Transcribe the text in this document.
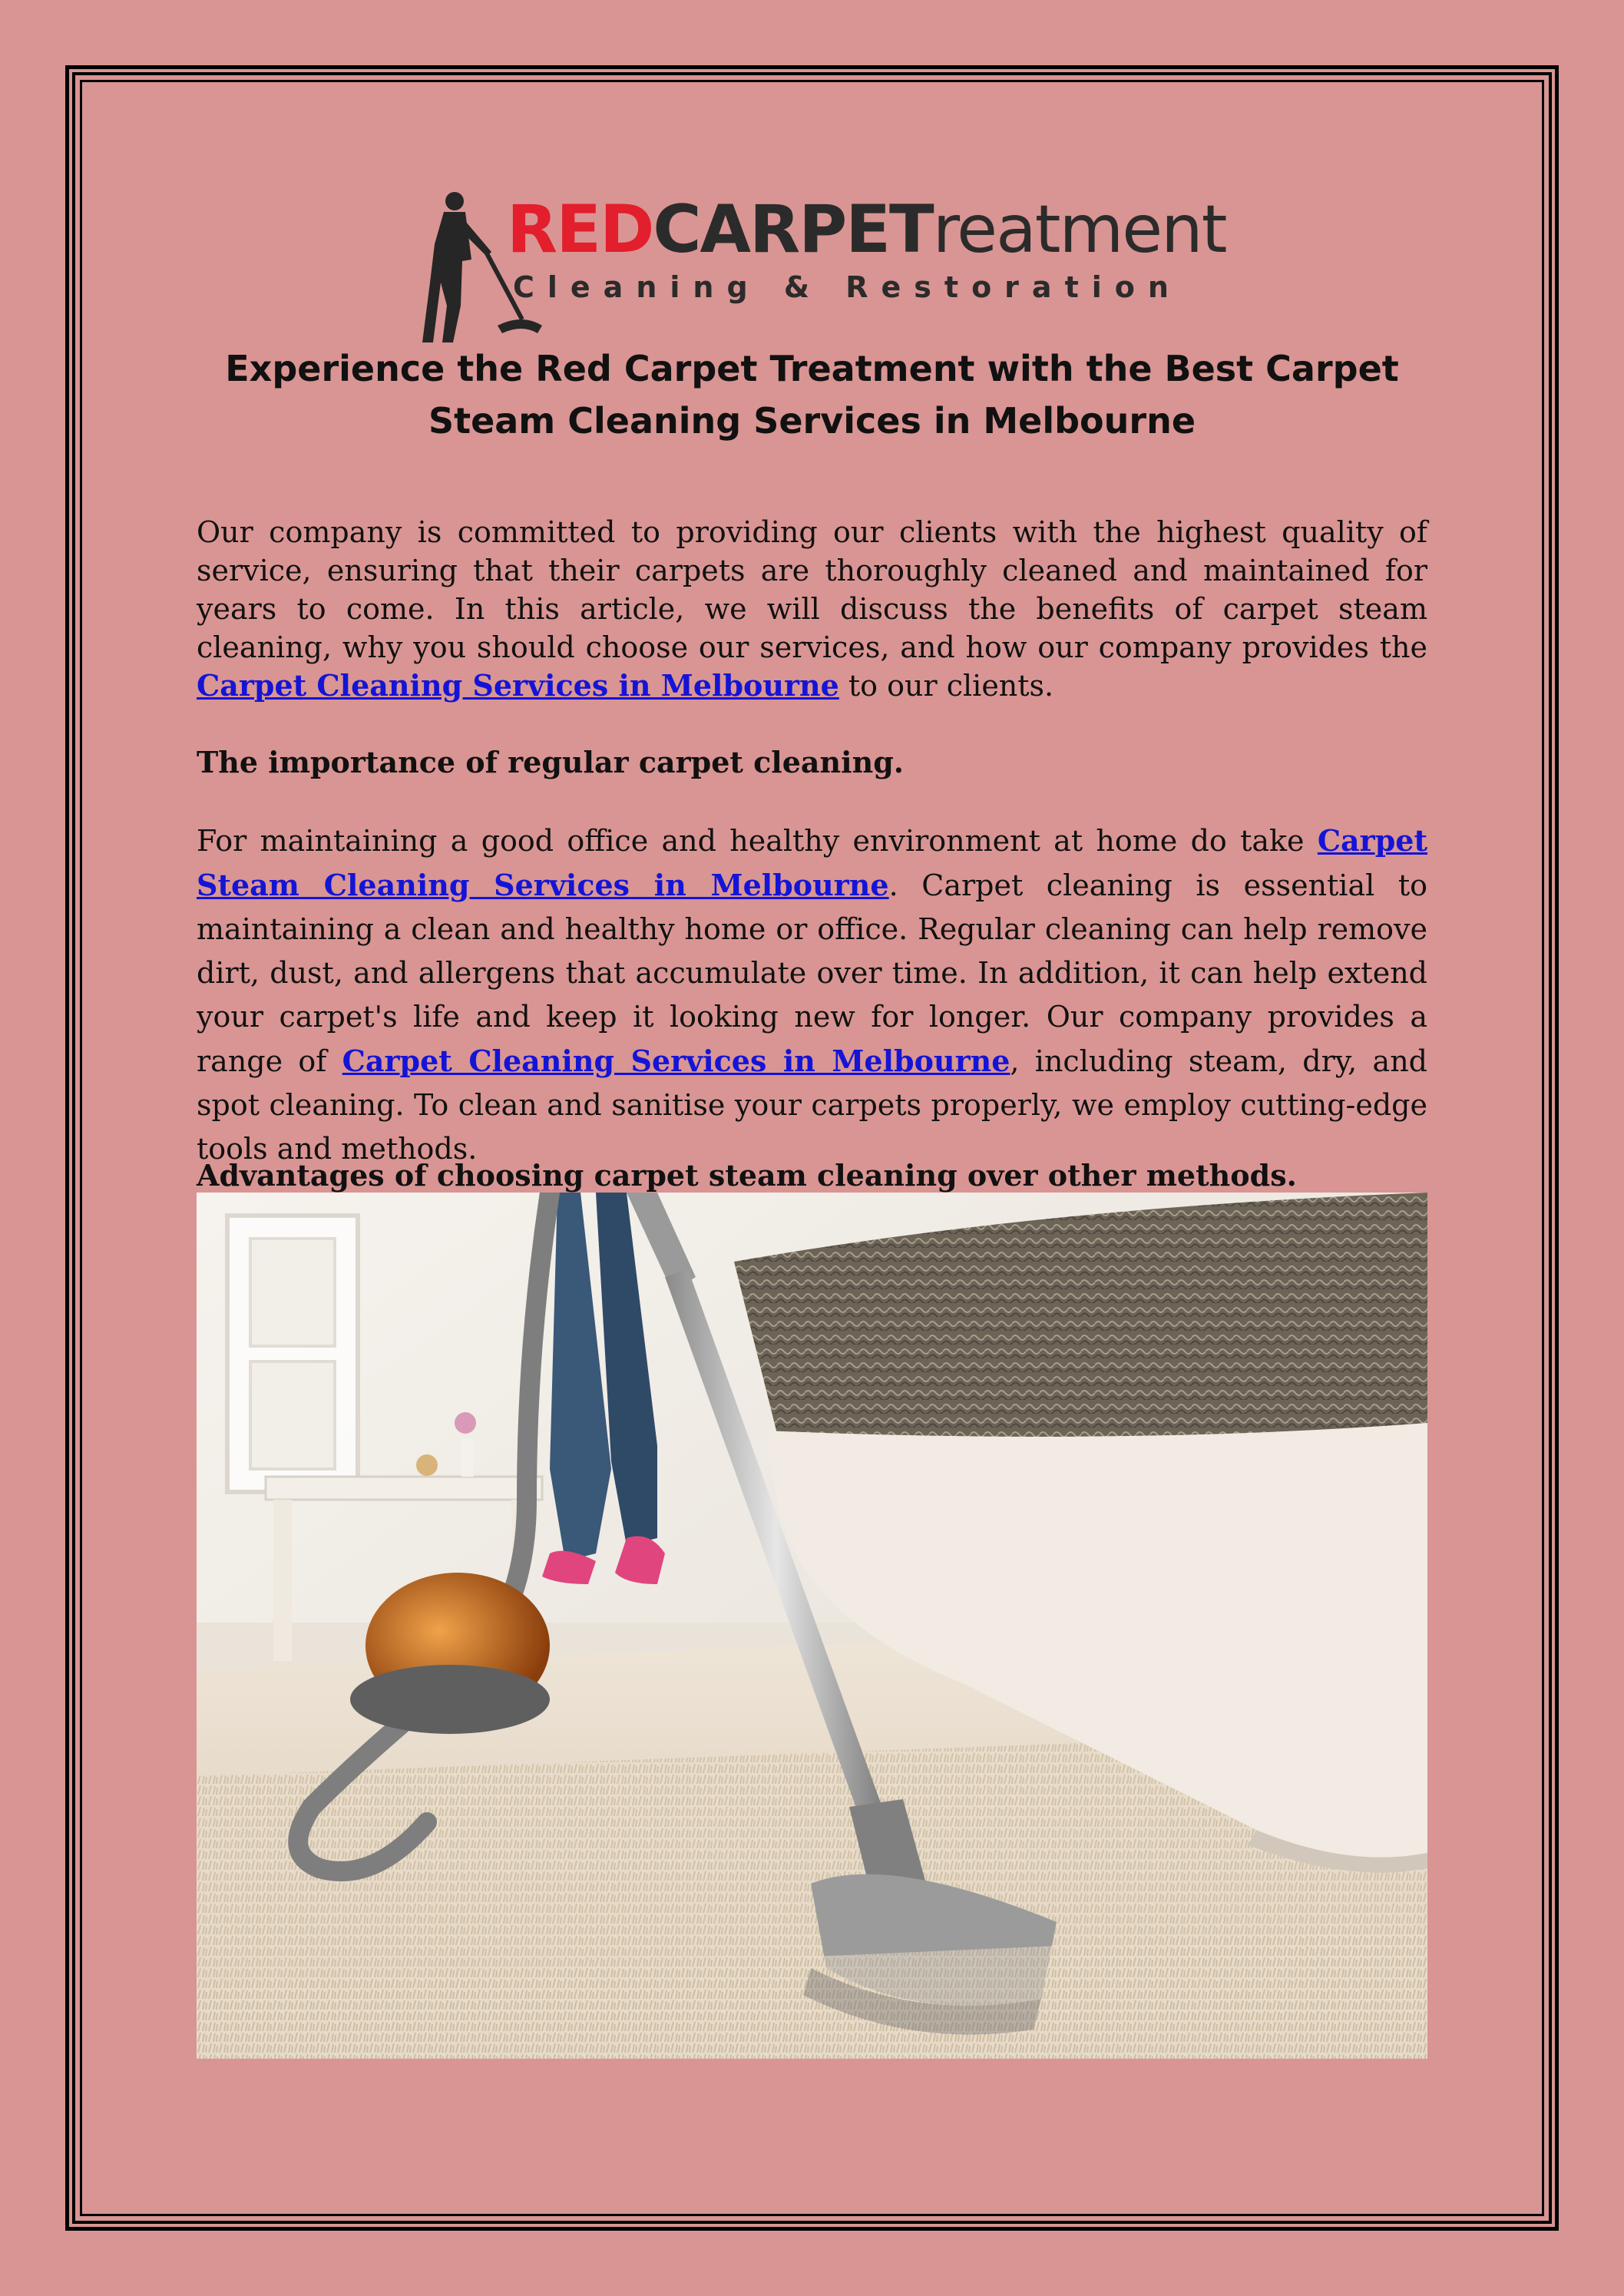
REDCARPETreatment
Cleaning & Restoration
Experience the Red Carpet Treatment with the Best Carpet Steam Cleaning Services in Melbourne

Our company is committed to providing our clients with the highest quality of service, ensuring that their carpets are thoroughly cleaned and maintained for years to come. In this article, we will discuss the benefits of carpet steam cleaning, why you should choose our services, and how our company provides the Carpet Cleaning Services in Melbourne to our clients.

The importance of regular carpet cleaning.

For maintaining a good office and healthy environment at home do take Carpet Steam Cleaning Services in Melbourne. Carpet cleaning is essential to maintaining a clean and healthy home or office. Regular cleaning can help remove dirt, dust, and allergens that accumulate over time. In addition, it can help extend your carpet's life and keep it looking new for longer. Our company provides a range of Carpet Cleaning Services in Melbourne, including steam, dry, and spot cleaning. To clean and sanitise your carpets properly, we employ cutting-edge tools and methods.

Advantages of choosing carpet steam cleaning over other methods.
